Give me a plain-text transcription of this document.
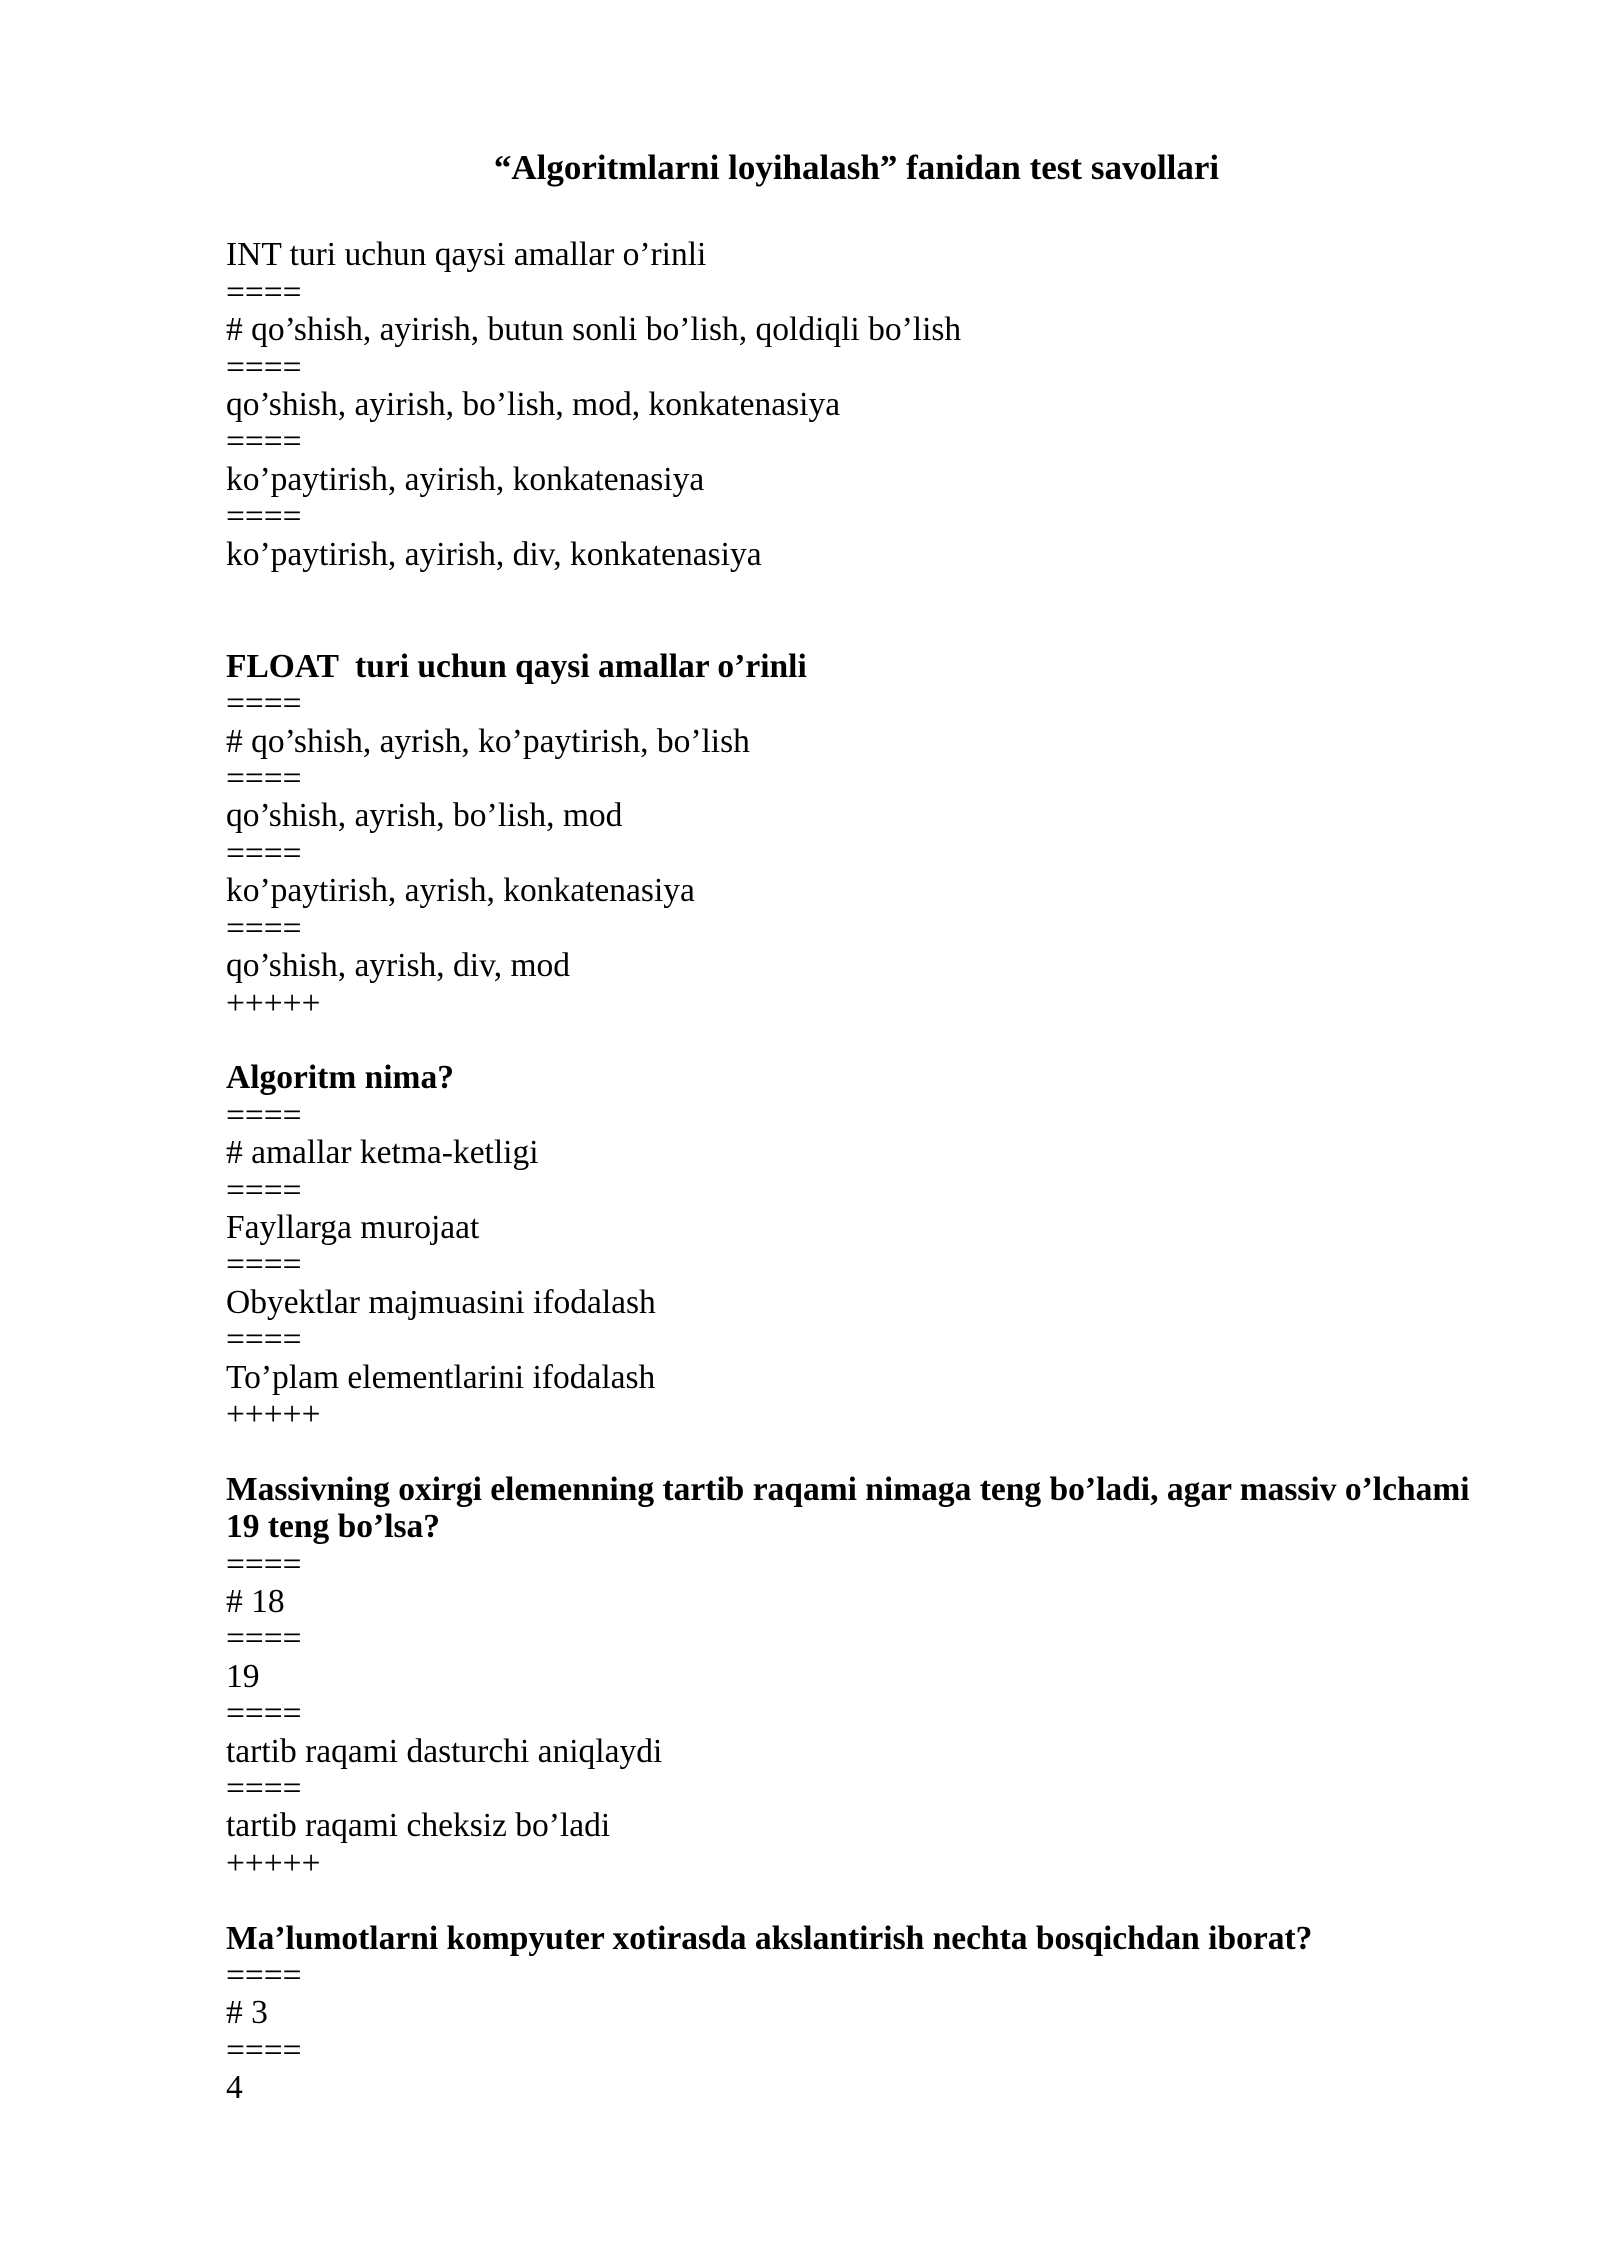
“Algoritmlarni loyihalash” fanidan test savollari
INT turi uchun qaysi amallar o’rinli
====
# qo’shish, ayirish, butun sonli bo’lish, qoldiqli bo’lish
====
qo’shish, ayirish, bo’lish, mod, konkatenasiya
====
ko’paytirish, ayirish, konkatenasiya
====
ko’paytirish, ayirish, div, konkatenasiya
FLOAT  turi uchun qaysi amallar o’rinli
====
# qo’shish, ayrish, ko’paytirish, bo’lish
====
qo’shish, ayrish, bo’lish, mod
====
ko’paytirish, ayrish, konkatenasiya
====
qo’shish, ayrish, div, mod
+++++
Algoritm nima?
====
# amallar ketma-ketligi
====
Fayllarga murojaat
====
Obyektlar majmuasini ifodalash
====
To’plam elementlarini ifodalash
+++++
Massivning oxirgi elemenning tartib raqami nimaga teng bo’ladi, agar massiv o’lchami 19 teng bo’lsa?
====
# 18
====
19
====
tartib raqami dasturchi aniqlaydi
====
tartib raqami cheksiz bo’ladi
+++++
Ma’lumotlarni kompyuter xotirasda akslantirish nechta bosqichdan iborat?
====
# 3
====
4
